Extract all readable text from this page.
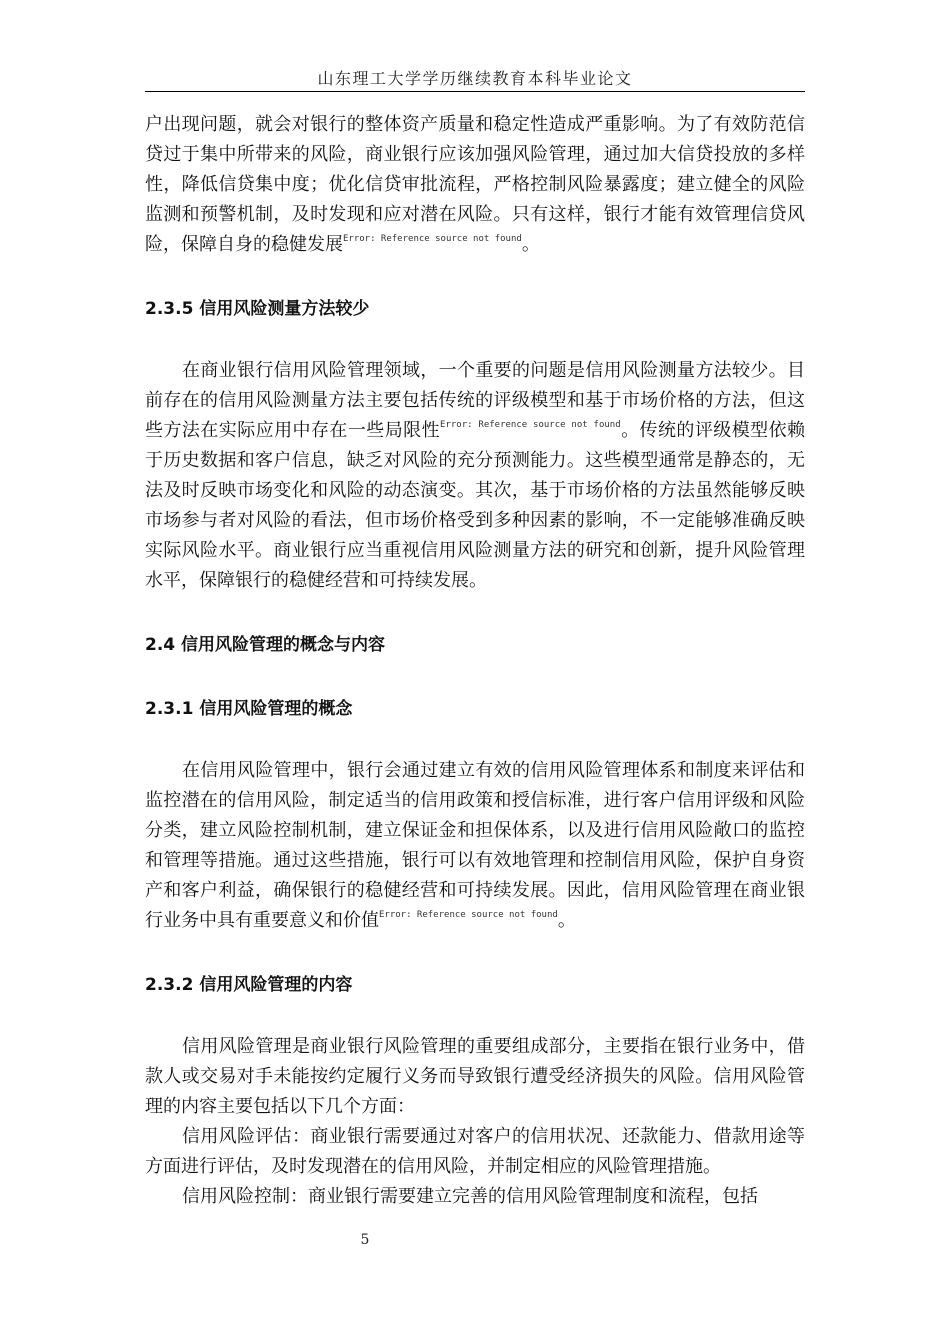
山东理工大学学历继续教育本科毕业论文

户出现问题，就会对银行的整体资产质量和稳定性造成严重影响。为了有效防范信贷过于集中所带来的风险，商业银行应该加强风险管理，通过加大信贷投放的多样性，降低信贷集中度；优化信贷审批流程，严格控制风险暴露度；建立健全的风险监测和预警机制，及时发现和应对潜在风险。只有这样，银行才能有效管理信贷风险，保障自身的稳健发展$^{Error: Reference source not found}$。

2.3.5 信用风险测量方法较少

在商业银行信用风险管理领域，一个重要的问题是信用风险测量方法较少。目前存在的信用风险测量方法主要包括传统的评级模型和基于市场价格的方法，但这些方法在实际应用中存在一些局限性$^{Error: Reference source not found}$。传统的评级模型依赖于历史数据和客户信息，缺乏对风险的充分预测能力。这些模型通常是静态的，无法及时反映市场变化和风险的动态演变。其次，基于市场价格的方法虽然能够反映市场参与者对风险的看法，但市场价格受到多种因素的影响，不一定能够准确反映实际风险水平。商业银行应当重视信用风险测量方法的研究和创新，提升风险管理水平，保障银行的稳健经营和可持续发展。

2.4 信用风险管理的概念与内容
2.3.1 信用风险管理的概念

在信用风险管理中，银行会通过建立有效的信用风险管理体系和制度来评估和监控潜在的信用风险，制定适当的信用政策和授信标准，进行客户信用评级和风险分类，建立风险控制机制，建立保证金和担保体系，以及进行信用风险敞口的监控和管理等措施。通过这些措施，银行可以有效地管理和控制信用风险，保护自身资产和客户利益，确保银行的稳健经营和可持续发展。因此，信用风险管理在商业银行业务中具有重要意义和价值$^{Error: Reference source not found}$。

2.3.2 信用风险管理的内容

信用风险管理是商业银行风险管理的重要组成部分，主要指在银行业务中，借款人或交易对手未能按约定履行义务而导致银行遭受经济损失的风险。信用风险管理的内容主要包括以下几个方面：

信用风险评估：商业银行需要通过对客户的信用状况、还款能力、借款用途等方面进行评估，及时发现潜在的信用风险，并制定相应的风险管理措施。

信用风险控制：商业银行需要建立完善的信用风险管理制度和流程，包括

5
